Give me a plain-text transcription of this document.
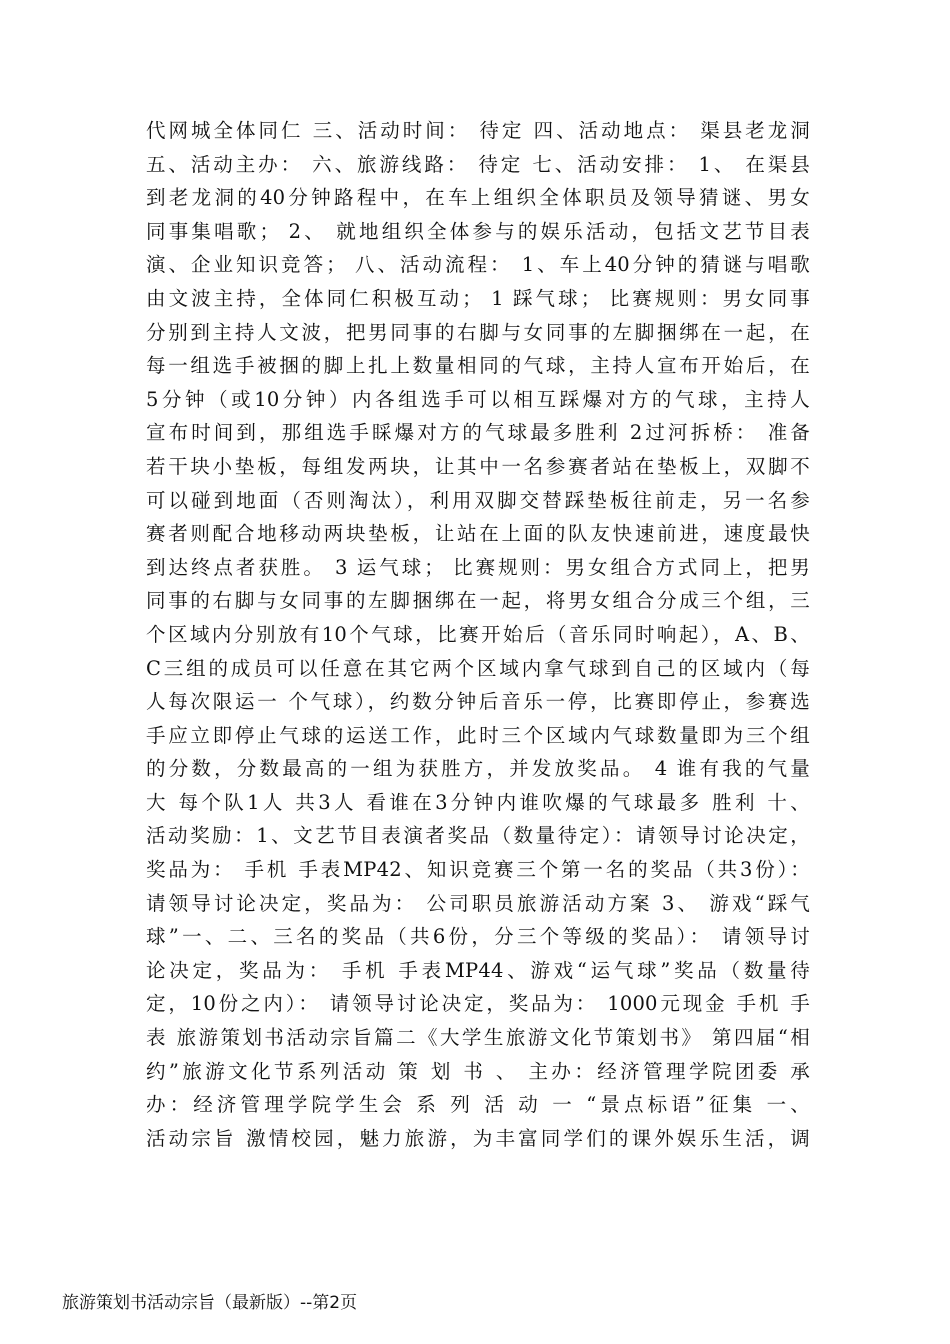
代网城全体同仁 三、活动时间： 待定 四、活动地点： 渠县老龙洞
五、活动主办： 六、旅游线路： 待定 七、活动安排： 1、 在渠县
到老龙洞的40分钟路程中，在车上组织全体职员及领导猜谜、男女
同事集唱歌； 2、 就地组织全体参与的娱乐活动，包括文艺节目表
演、企业知识竞答； 八、活动流程： 1、车上40分钟的猜谜与唱歌
由文波主持，全体同仁积极互动； 1 踩气球； 比赛规则：男女同事
分别到主持人文波，把男同事的右脚与女同事的左脚捆绑在一起，在
每一组选手被捆的脚上扎上数量相同的气球，主持人宣布开始后，在
5分钟（或10分钟）内各组选手可以相互踩爆对方的气球，主持人
宣布时间到，那组选手睬爆对方的气球最多胜利 2过河拆桥： 准备
若干块小垫板，每组发两块，让其中一名参赛者站在垫板上，双脚不
可以碰到地面（否则淘汰），利用双脚交替踩垫板往前走，另一名参
赛者则配合地移动两块垫板，让站在上面的队友快速前进，速度最快
到达终点者获胜。 3 运气球； 比赛规则：男女组合方式同上，把男
同事的右脚与女同事的左脚捆绑在一起，将男女组合分成三个组，三
个区域内分别放有10个气球，比赛开始后（音乐同时响起），A、B、
C三组的成员可以任意在其它两个区域内拿气球到自己的区域内（每
人每次限运一 个气球），约数分钟后音乐一停，比赛即停止，参赛选
手应立即停止气球的运送工作，此时三个区域内气球数量即为三个组
的分数，分数最高的一组为获胜方，并发放奖品。 4 谁有我的气量
大 每个队1人 共3人 看谁在3分钟内谁吹爆的气球最多 胜利 十、
活动奖励：1、文艺节目表演者奖品（数量待定）：请领导讨论决定，
奖品为： 手机 手表MP42、知识竞赛三个第一名的奖品（共3份）：
请领导讨论决定，奖品为： 公司职员旅游活动方案 3、 游戏“踩气
球”一、二、三名的奖品（共6份，分三个等级的奖品）： 请领导讨
论决定，奖品为： 手机 手表MP44、游戏“运气球”奖品（数量待
定，10份之内）： 请领导讨论决定，奖品为： 1000元现金 手机 手
表 旅游策划书活动宗旨篇二《大学生旅游文化节策划书》 第四届“相
约”旅游文化节系列活动 策 划 书 、 主办：经济管理学院团委 承
办：经济管理学院学生会 系 列 活 动 一 “景点标语”征集 一、
活动宗旨 激情校园，魅力旅游，为丰富同学们的课外娱乐生活，调
旅游策划书活动宗旨（最新版）--第2页
